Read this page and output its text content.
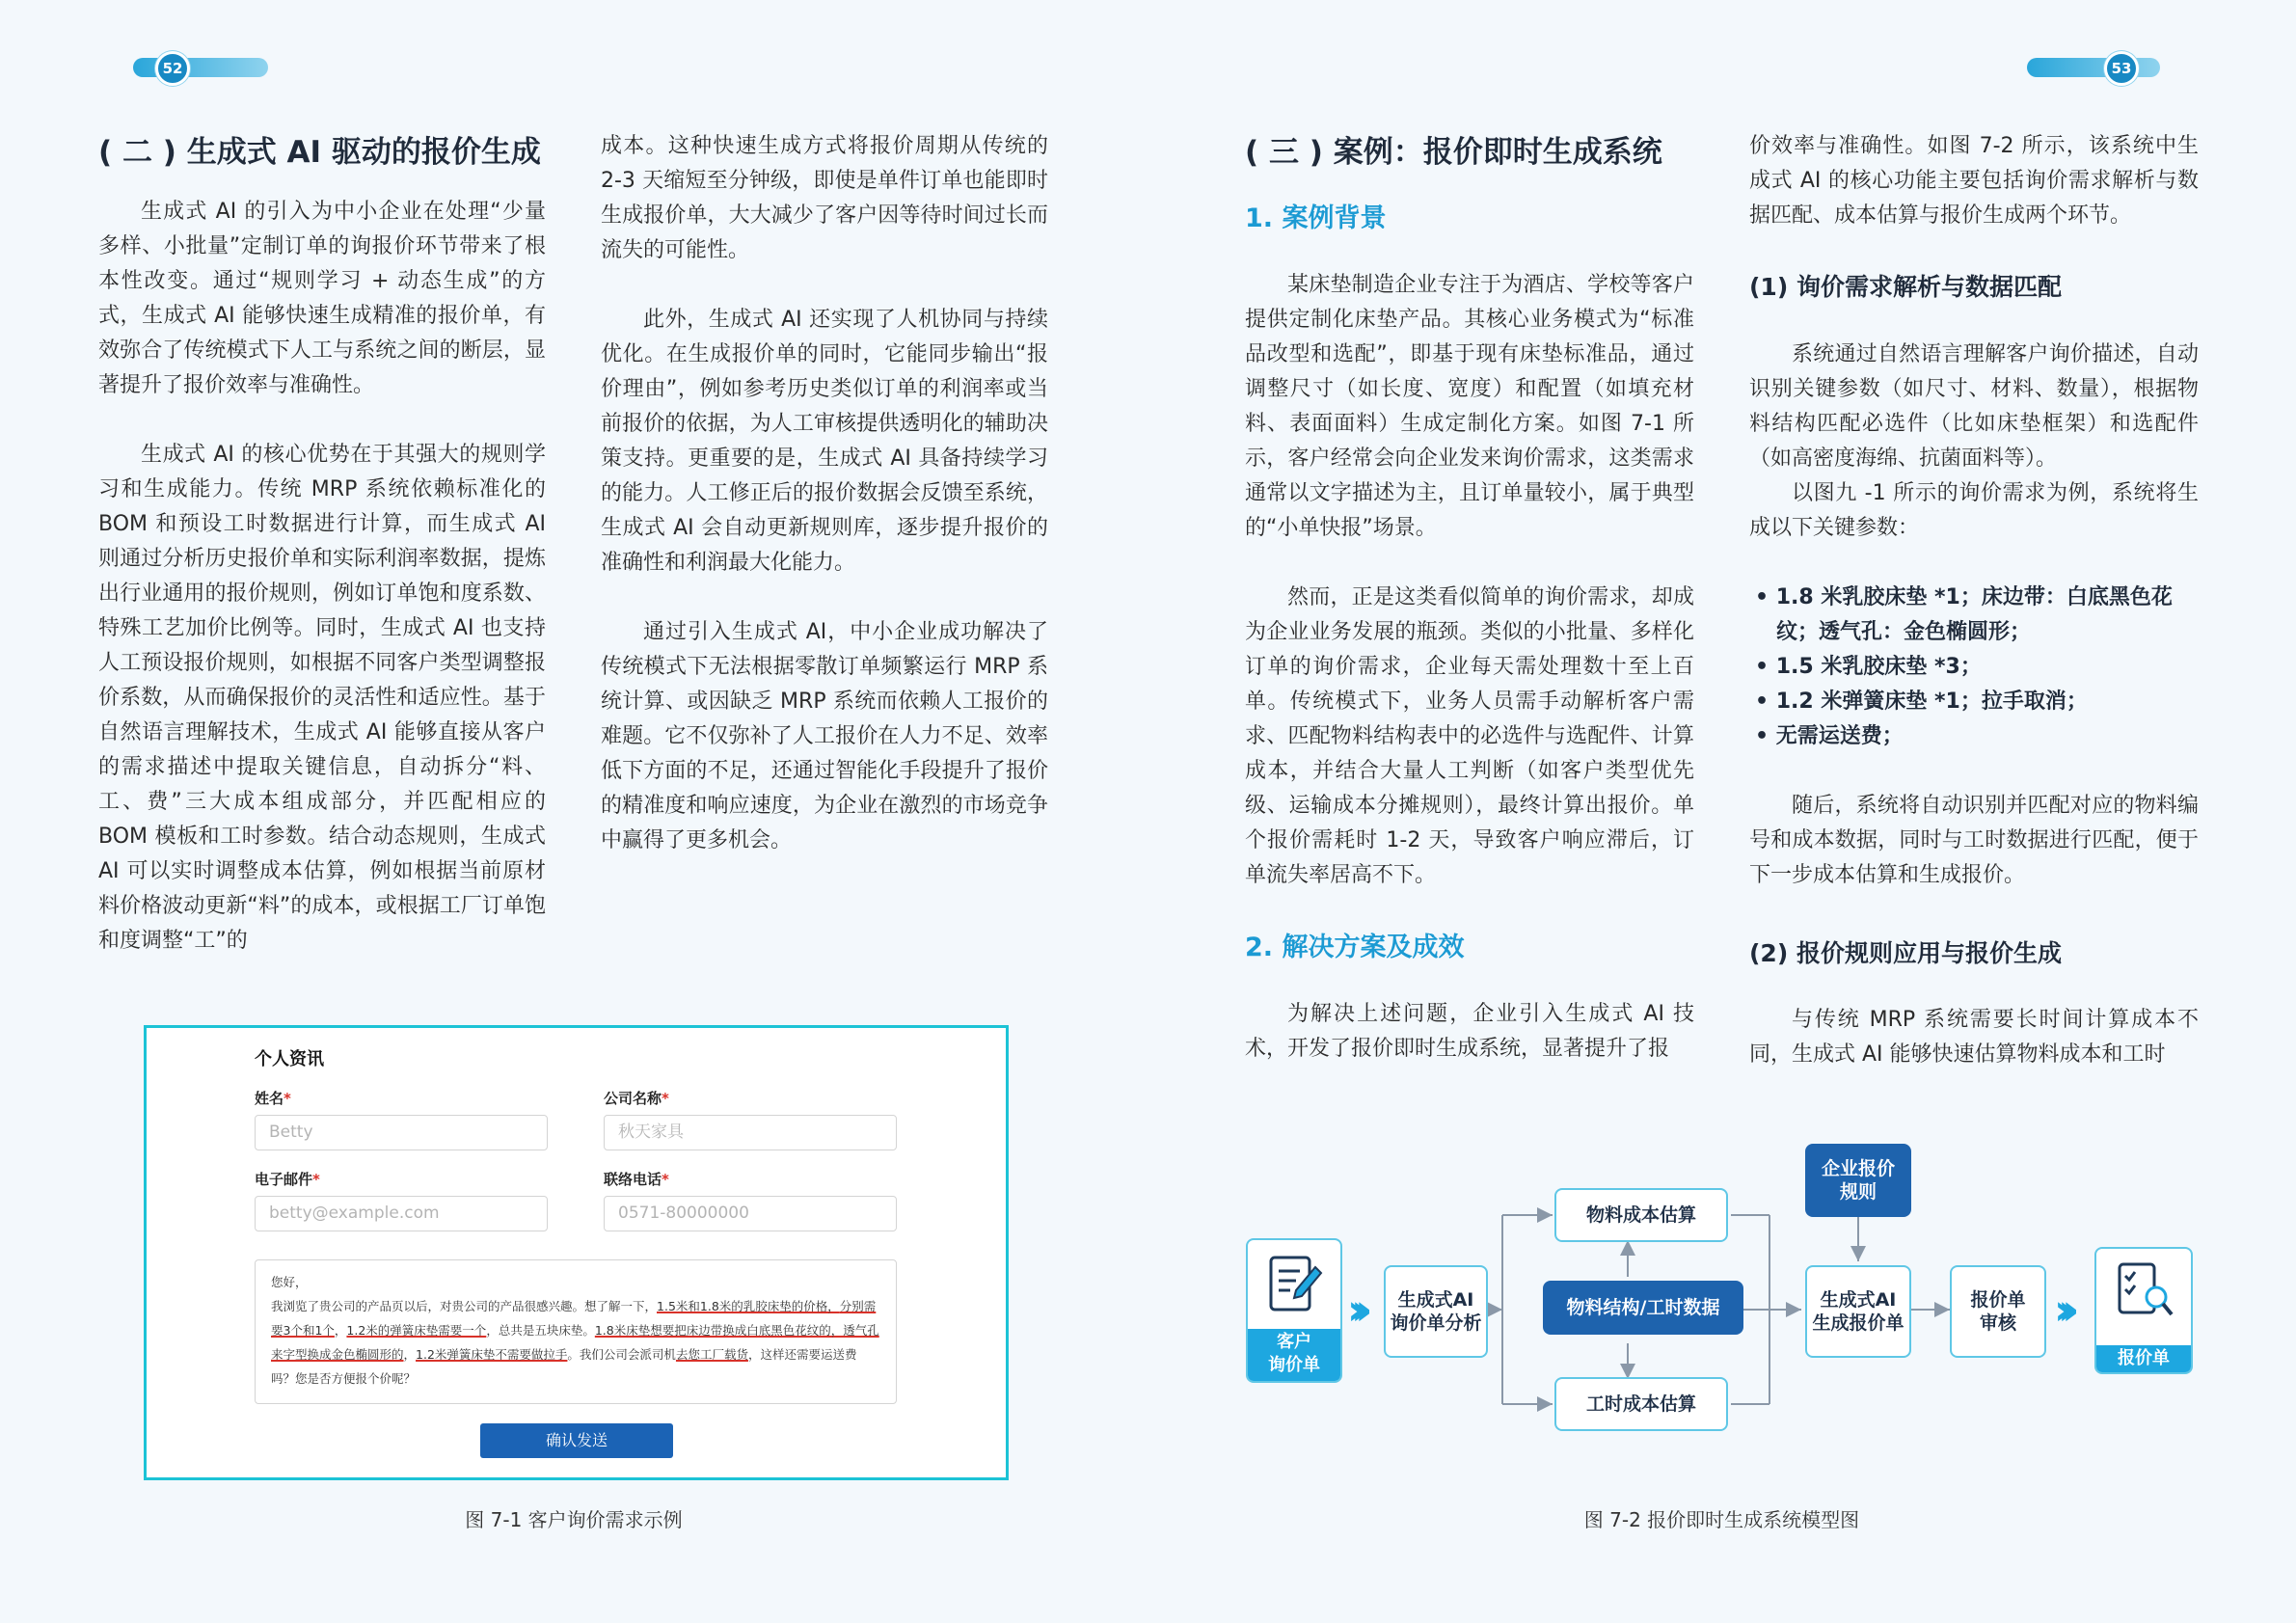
52	53
( 二 ) 生成式 AI 驱动的报价生成

生成式 AI 的引入为中小企业在处理“少量多样、小批量”定制订单的询报价环节带来了根本性改变。通过“规则学习 + 动态生成”的方式，生成式 AI 能够快速生成精准的报价单，有效弥合了传统模式下人工与系统之间的断层，显著提升了报价效率与准确性。

生成式 AI 的核心优势在于其强大的规则学习和生成能力。传统 MRP 系统依赖标准化的 BOM 和预设工时数据进行计算，而生成式 AI 则通过分析历史报价单和实际利润率数据，提炼出行业通用的报价规则，例如订单饱和度系数、特殊工艺加价比例等。同时，生成式 AI 也支持人工预设报价规则，如根据不同客户类型调整报价系数，从而确保报价的灵活性和适应性。基于自然语言理解技术，生成式 AI 能够直接从客户的需求描述中提取关键信息，自动拆分“料、工、费”三大成本组成部分，并匹配相应的 BOM 模板和工时参数。结合动态规则，生成式 AI 可以实时调整成本估算，例如根据当前原材料价格波动更新“料”的成本，或根据工厂订单饱和度调整“工”的

成本。这种快速生成方式将报价周期从传统的 2-3 天缩短至分钟级，即使是单件订单也能即时生成报价单，大大减少了客户因等待时间过长而流失的可能性。

此外，生成式 AI 还实现了人机协同与持续优化。在生成报价单的同时，它能同步输出“报价理由”，例如参考历史类似订单的利润率或当前报价的依据，为人工审核提供透明化的辅助决策支持。更重要的是，生成式 AI 具备持续学习的能力。人工修正后的报价数据会反馈至系统，生成式 AI 会自动更新规则库，逐步提升报价的准确性和利润最大化能力。

通过引入生成式 AI，中小企业成功解决了传统模式下无法根据零散订单频繁运行 MRP 系统计算、或因缺乏 MRP 系统而依赖人工报价的难题。它不仅弥补了人工报价在人力不足、效率低下方面的不足，还通过智能化手段提升了报价的精准度和响应速度，为企业在激烈的市场竞争中赢得了更多机会。

个人资讯
姓名*
Betty
公司名称*
秋天家具
电子邮件*
betty@example.com
联络电话*
0571-80000000
您好，
我浏览了贵公司的产品页以后，对贵公司的产品很感兴趣。想了解一下，1.5米和1.8米的乳胶床垫的价格，分别需要3个和1个，1.2米的弹簧床垫需要一个，总共是五块床垫。1.8米床垫想要把床边带换成白底黑色花纹的，透气孔来字型换成金色椭圆形的，1.2米弹簧床垫不需要做拉手。我们公司会派司机去您工厂载货，这样还需要运送费吗？您是否方便报个价呢？
确认发送
图 7-1 客户询价需求示例
( 三 ) 案例：报价即时生成系统
1. 案例背景

某床垫制造企业专注于为酒店、学校等客户提供定制化床垫产品。其核心业务模式为“标准品改型和选配”，即基于现有床垫标准品，通过调整尺寸（如长度、宽度）和配置（如填充材料、表面面料）生成定制化方案。如图 7-1 所示，客户经常会向企业发来询价需求，这类需求通常以文字描述为主，且订单量较小，属于典型的“小单快报”场景。

然而，正是这类看似简单的询价需求，却成为企业业务发展的瓶颈。类似的小批量、多样化订单的询价需求，企业每天需处理数十至上百单。传统模式下，业务人员需手动解析客户需求、匹配物料结构表中的必选件与选配件、计算成本，并结合大量人工判断（如客户类型优先级、运输成本分摊规则），最终计算出报价。单个报价需耗时 1-2 天，导致客户响应滞后，订单流失率居高不下。

2. 解决方案及成效

为解决上述问题，企业引入生成式 AI 技术，开发了报价即时生成系统，显著提升了报

价效率与准确性。如图 7-2 所示，该系统中生成式 AI 的核心功能主要包括询价需求解析与数据匹配、成本估算与报价生成两个环节。

(1) 询价需求解析与数据匹配

系统通过自然语言理解客户询价描述，自动识别关键参数（如尺寸、材料、数量），根据物料结构匹配必选件（比如床垫框架）和选配件（如高密度海绵、抗菌面料等）。

以图九 -1 所示的询价需求为例，系统将生成以下关键参数：

• 1.8 米乳胶床垫 *1；床边带：白底黑色花纹；透气孔：金色椭圆形；
• 1.5 米乳胶床垫 *3；
• 1.2 米弹簧床垫 *1；拉手取消；
• 无需运送费；

随后，系统将自动识别并匹配对应的物料编号和成本数据，同时与工时数据进行匹配，便于下一步成本估算和生成报价。

(2) 报价规则应用与报价生成

与传统 MRP 系统需要长时间计算成本不同，生成式 AI 能够快速估算物料成本和工时

客户
询价单
›››	生成式AI
询价单分析
物料成本估算
物料结构/工时数据
工时成本估算
企业报价
规则
生成式AI
生成报价单
报价单
审核 ›››
报价单
图 7-2 报价即时生成系统模型图
